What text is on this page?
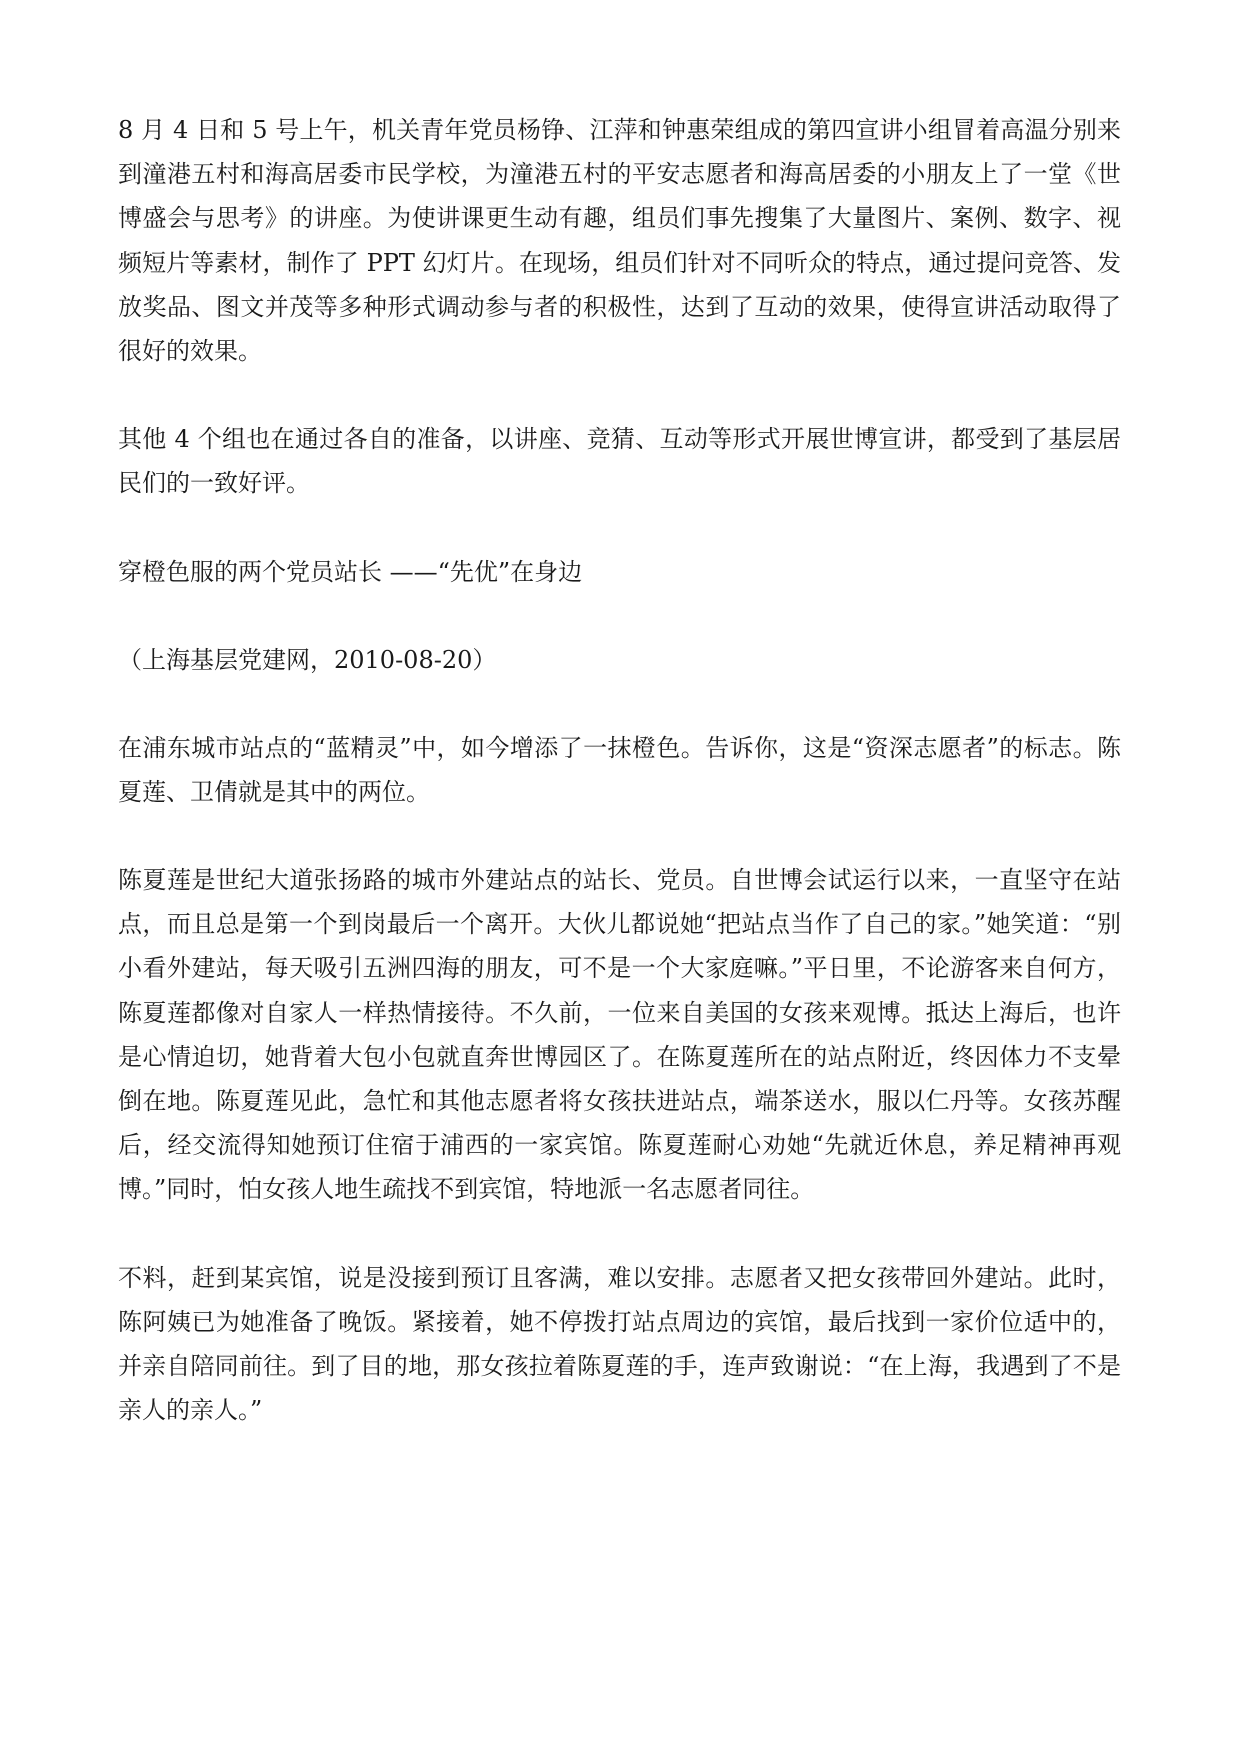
8 月 4 日和 5 号上午，机关青年党员杨铮、江萍和钟惠荣组成的第四宣讲小组冒着高温分别来到潼港五村和海高居委市民学校，为潼港五村的平安志愿者和海高居委的小朋友上了一堂《世博盛会与思考》的讲座。为使讲课更生动有趣，组员们事先搜集了大量图片、案例、数字、视频短片等素材，制作了 PPT 幻灯片。在现场，组员们针对不同听众的特点，通过提问竞答、发放奖品、图文并茂等多种形式调动参与者的积极性，达到了互动的效果，使得宣讲活动取得了很好的效果。

其他 4 个组也在通过各自的准备，以讲座、竞猜、互动等形式开展世博宣讲，都受到了基层居民们的一致好评。

穿橙色服的两个党员站长 ——“先优”在身边

（上海基层党建网，2010-08-20）

在浦东城市站点的“蓝精灵”中，如今增添了一抹橙色。告诉你，这是“资深志愿者”的标志。陈夏莲、卫倩就是其中的两位。

陈夏莲是世纪大道张扬路的城市外建站点的站长、党员。自世博会试运行以来，一直坚守在站点，而且总是第一个到岗最后一个离开。大伙儿都说她“把站点当作了自己的家。”她笑道：“别小看外建站，每天吸引五洲四海的朋友，可不是一个大家庭嘛。”平日里，不论游客来自何方，陈夏莲都像对自家人一样热情接待。不久前，一位来自美国的女孩来观博。抵达上海后，也许是心情迫切，她背着大包小包就直奔世博园区了。在陈夏莲所在的站点附近，终因体力不支晕倒在地。陈夏莲见此，急忙和其他志愿者将女孩扶进站点，端茶送水，服以仁丹等。女孩苏醒后，经交流得知她预订住宿于浦西的一家宾馆。陈夏莲耐心劝她“先就近休息，养足精神再观博。”同时，怕女孩人地生疏找不到宾馆，特地派一名志愿者同往。

不料，赶到某宾馆，说是没接到预订且客满，难以安排。志愿者又把女孩带回外建站。此时，陈阿姨已为她准备了晚饭。紧接着，她不停拨打站点周边的宾馆，最后找到一家价位适中的，并亲自陪同前往。到了目的地，那女孩拉着陈夏莲的手，连声致谢说：“在上海，我遇到了不是亲人的亲人。”
